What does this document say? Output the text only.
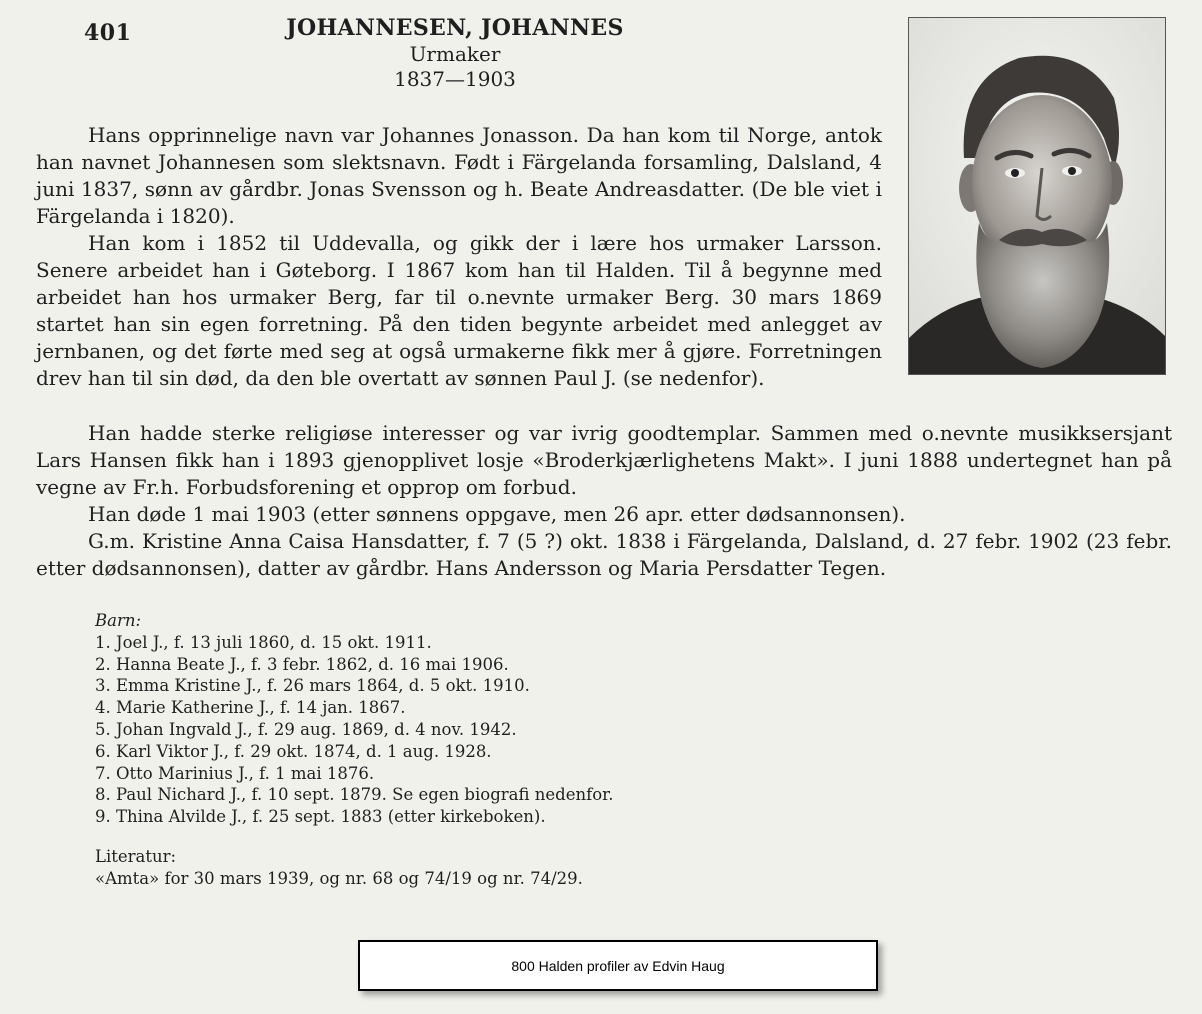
401	JOHANNESEN, JOHANNES
Urmaker
1837—1903

Hans opprinnelige navn var Johannes Jonasson. Da han kom til Norge, antok han navnet Johannesen som slektsnavn. Født i Färgelanda forsamling, Dalsland, 4 juni 1837, sønn av gårdbr. Jonas Svensson og h. Beate Andreasdatter. (De ble viet i Färgelanda i 1820).

Han kom i 1852 til Uddevalla, og gikk der i lære hos urmaker Larsson. Senere arbeidet han i Gøteborg. I 1867 kom han til Halden. Til å begynne med arbeidet han hos urmaker Berg, far til o.nevnte urmaker Berg. 30 mars 1869 startet han sin egen forretning. På den tiden begynte arbeidet med anlegget av jernbanen, og det førte med seg at også urmakerne fikk mer å gjøre. Forretningen drev han til sin død, da den ble overtatt av sønnen Paul J. (se nedenfor).

Han hadde sterke religiøse interesser og var ivrig goodtemplar. Sammen med o.nevnte musikksersjant Lars Hansen fikk han i 1893 gjenopplivet losje «Broderkjærlighetens Makt». I juni 1888 undertegnet han på vegne av Fr.h. Forbudsforening et opprop om forbud.

Han døde 1 mai 1903 (etter sønnens oppgave, men 26 apr. etter dødsannonsen).

G.m. Kristine Anna Caisa Hansdatter, f. 7 (5 ?) okt. 1838 i Färgelanda, Dalsland, d. 27 febr. 1902 (23 febr. etter dødsannonsen), datter av gårdbr. Hans Andersson og Maria Persdatter Tegen.

Barn:
1. Joel J., f. 13 juli 1860, d. 15 okt. 1911.
2. Hanna Beate J., f. 3 febr. 1862, d. 16 mai 1906.
3. Emma Kristine J., f. 26 mars 1864, d. 5 okt. 1910.
4. Marie Katherine J., f. 14 jan. 1867.
5. Johan Ingvald J., f. 29 aug. 1869, d. 4 nov. 1942.
6. Karl Viktor J., f. 29 okt. 1874, d. 1 aug. 1928.
7. Otto Marinius J., f. 1 mai 1876.
8. Paul Nichard J., f. 10 sept. 1879. Se egen biografi nedenfor.
9. Thina Alvilde J., f. 25 sept. 1883 (etter kirkeboken).
Literatur:
«Amta» for 30 mars 1939, og nr. 68 og 74/19 og nr. 74/29.
800 Halden profiler av Edvin Haug
